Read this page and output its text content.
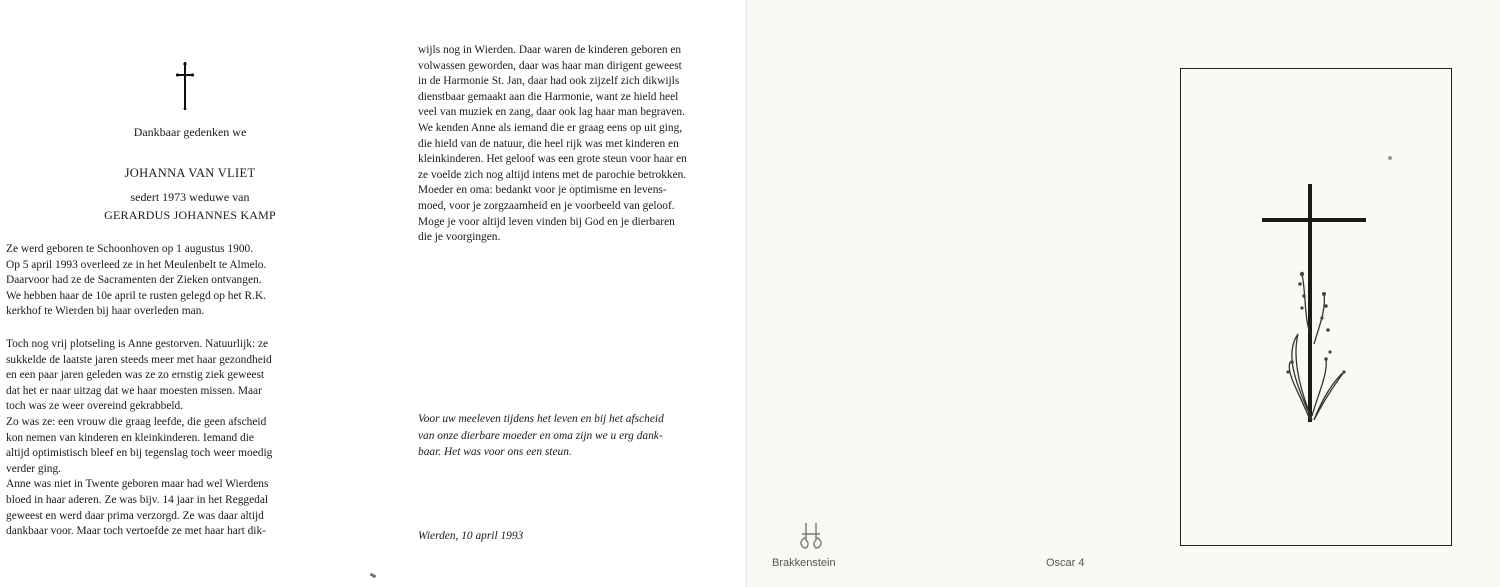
Dankbaar gedenken we
JOHANNA VAN VLIET
sedert 1973 weduwe van
GERARDUS JOHANNES KAMP
Ze werd geboren te Schoonhoven op 1 augustus 1900.
Op 5 april 1993 overleed ze in het Meulenbelt te Almelo.
Daarvoor had ze de Sacramenten der Zieken ontvangen.
We hebben haar de 10e april te rusten gelegd op het R.K.
kerkhof te Wierden bij haar overleden man.
Toch nog vrij plotseling is Anne gestorven. Natuurlijk: ze
sukkelde de laatste jaren steeds meer met haar gezondheid
en een paar jaren geleden was ze zo ernstig ziek geweest
dat het er naar uitzag dat we haar moesten missen. Maar
toch was ze weer overeind gekrabbeld.
Zo was ze: een vrouw die graag leefde, die geen afscheid
kon nemen van kinderen en kleinkinderen. Iemand die
altijd optimistisch bleef en bij tegenslag toch weer moedig
verder ging.
Anne was niet in Twente geboren maar had wel Wierdens
bloed in haar aderen. Ze was bijv. 14 jaar in het Reggedal
geweest en werd daar prima verzorgd. Ze was daar altijd
dankbaar voor. Maar toch vertoefde ze met haar hart dik-
wijls nog in Wierden. Daar waren de kinderen geboren en
volwassen geworden, daar was haar man dirigent geweest
in de Harmonie St. Jan, daar had ook zijzelf zich dikwijls
dienstbaar gemaakt aan die Harmonie, want ze hield heel
veel van muziek en zang, daar ook lag haar man begraven.
We kenden Anne als iemand die er graag eens op uit ging,
die hield van de natuur, die heel rijk was met kinderen en
kleinkinderen. Het geloof was een grote steun voor haar en
ze voelde zich nog altijd intens met de parochie betrokken.
Moeder en oma: bedankt voor je optimisme en levens-
moed, voor je zorgzaamheid en je voorbeeld van geloof.
Moge je voor altijd leven vinden bij God en je dierbaren
die je voorgingen.
Voor uw meeleven tijdens het leven en bij het afscheid
van onze dierbare moeder en oma zijn we u erg dank-
baar. Het was voor ons een steun.
Wierden, 10 april 1993
Brakkenstein	Oscar 4
